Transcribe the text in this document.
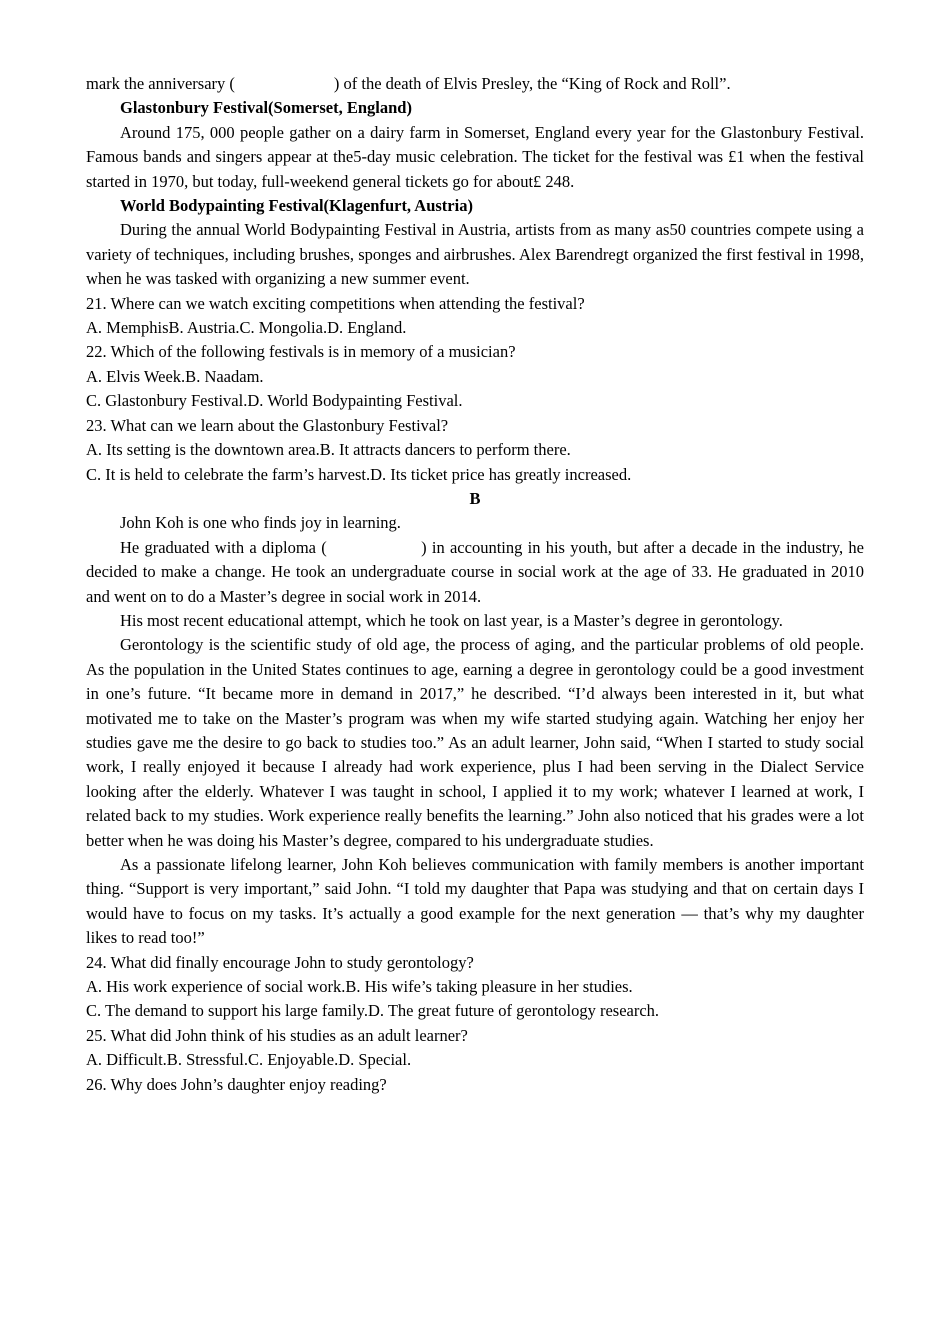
mark the anniversary (                        ) of the death of Elvis Presley, the “King of Rock and Roll”.

Glastonbury Festival(Somerset, England)

Around 175, 000 people gather on a dairy farm in Somerset, England every year for the Glastonbury Festival. Famous bands and singers appear at the5-day music celebration. The ticket for the festival was £1 when the festival started in 1970, but today, full-weekend general tickets go for about£ 248.

World Bodypainting Festival(Klagenfurt, Austria)

During the annual World Bodypainting Festival in Austria, artists from as many as50 countries compete using a variety of techniques, including brushes, sponges and airbrushes. Alex Barendregt organized the first festival in 1998, when he was tasked with organizing a new summer event.

21. Where can we watch exciting competitions when attending the festival?

A. MemphisB. Austria.C. Mongolia.D. England.

22. Which of the following festivals is in memory of a musician?

A. Elvis Week.B. Naadam.

C. Glastonbury Festival.D. World Bodypainting Festival.

23. What can we learn about the Glastonbury Festival?

A. Its setting is the downtown area.B. It attracts dancers to perform there.

C. It is held to celebrate the farm’s harvest.D. Its ticket price has greatly increased.

B

John Koh is one who finds joy in learning.

He graduated with a diploma (                  ) in accounting in his youth, but after a decade in the industry, he decided to make a change. He took an undergraduate course in social work at the age of 33. He graduated in 2010 and went on to do a Master’s degree in social work in 2014.

His most recent educational attempt, which he took on last year, is a Master’s degree in gerontology.

Gerontology is the scientific study of old age, the process of aging, and the particular problems of old people. As the population in the United States continues to age, earning a degree in gerontology could be a good investment in one’s future. “It became more in demand in 2017,” he described. “I’d always been interested in it, but what motivated me to take on the Master’s program was when my wife started studying again. Watching her enjoy her studies gave me the desire to go back to studies too.” As an adult learner, John said, “When I started to study social work, I really enjoyed it because I already had work experience, plus I had been serving in the Dialect Service looking after the elderly. Whatever I was taught in school, I applied it to my work; whatever I learned at work, I related back to my studies. Work experience really benefits the learning.” John also noticed that his grades were a lot better when he was doing his Master’s degree, compared to his undergraduate studies.

As a passionate lifelong learner, John Koh believes communication with family members is another important thing. “Support is very important,” said John. “I told my daughter that Papa was studying and that on certain days I would have to focus on my tasks. It’s actually a good example for the next generation — that’s why my daughter likes to read too!”

24. What did finally encourage John to study gerontology?

A. His work experience of social work.B. His wife’s taking pleasure in her studies.

C. The demand to support his large family.D. The great future of gerontology research.

25. What did John think of his studies as an adult learner?

A. Difficult.B. Stressful.C. Enjoyable.D. Special.

26. Why does John’s daughter enjoy reading?
